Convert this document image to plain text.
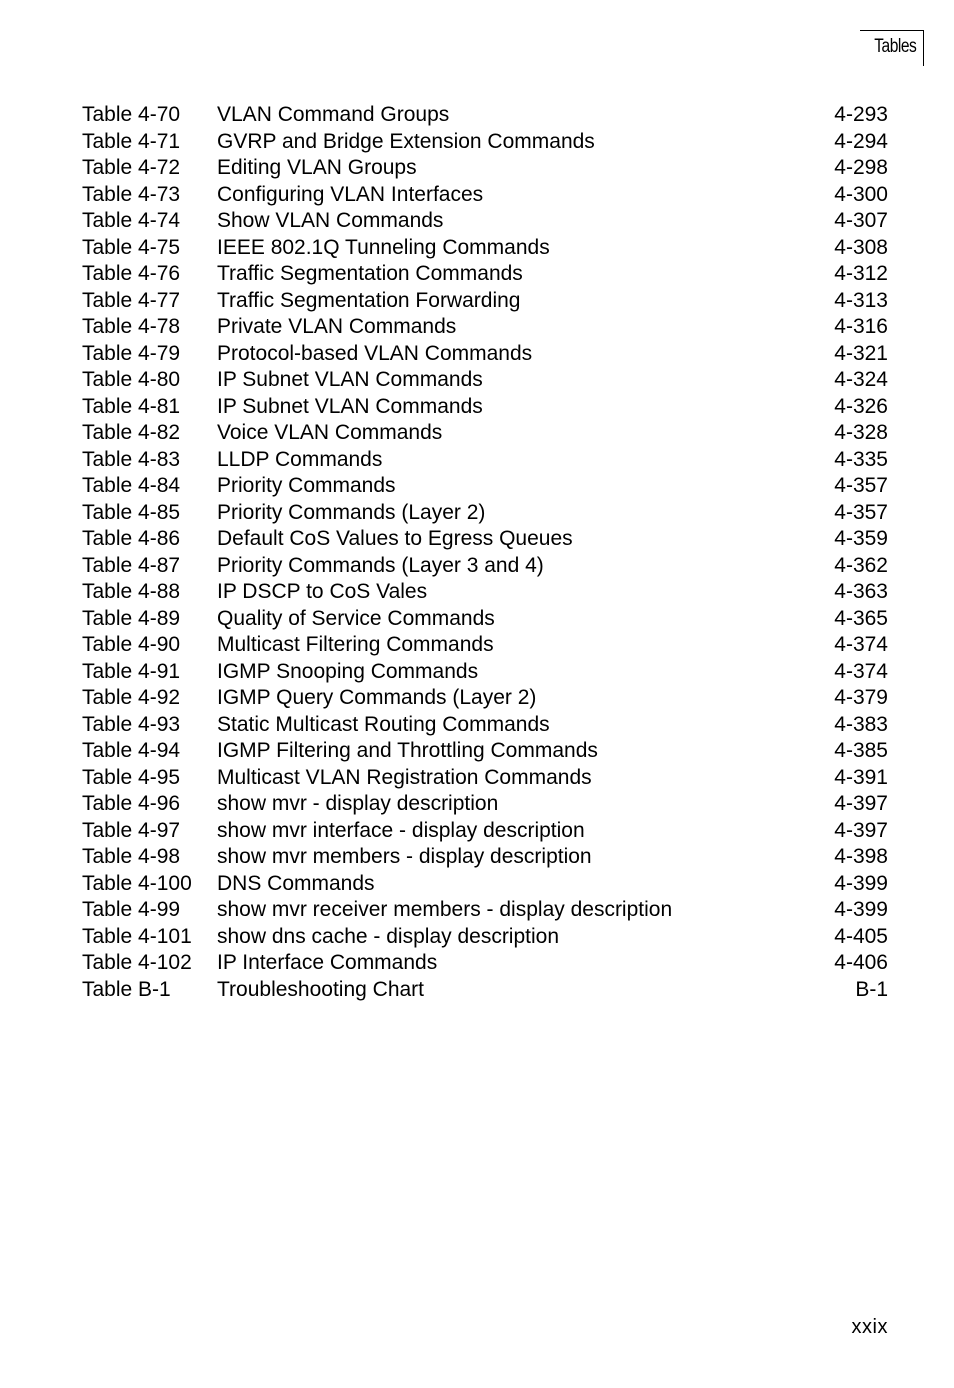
Tables
Table 4-70 VLAN Command Groups	4-293
Table 4-71 GVRP and Bridge Extension Commands	4-294
Table 4-72 Editing VLAN Groups	4-298
Table 4-73 Configuring VLAN Interfaces	4-300
Table 4-74 Show VLAN Commands	4-307
Table 4-75 IEEE 802.1Q Tunneling Commands	4-308
Table 4-76 Traffic Segmentation Commands	4-312
Table 4-77 Traffic Segmentation Forwarding	4-313
Table 4-78 Private VLAN Commands	4-316
Table 4-79 Protocol-based VLAN Commands	4-321
Table 4-80 IP Subnet VLAN Commands	4-324
Table 4-81 IP Subnet VLAN Commands	4-326
Table 4-82 Voice VLAN Commands	4-328
Table 4-83 LLDP Commands	4-335
Table 4-84 Priority Commands	4-357
Table 4-85 Priority Commands (Layer 2)	4-357
Table 4-86 Default CoS Values to Egress Queues	4-359
Table 4-87 Priority Commands (Layer 3 and 4)	4-362
Table 4-88 IP DSCP to CoS Vales	4-363
Table 4-89 Quality of Service Commands	4-365
Table 4-90 Multicast Filtering Commands	4-374
Table 4-91 IGMP Snooping Commands	4-374
Table 4-92 IGMP Query Commands (Layer 2)	4-379
Table 4-93 Static Multicast Routing Commands	4-383
Table 4-94 IGMP Filtering and Throttling Commands	4-385
Table 4-95 Multicast VLAN Registration Commands	4-391
Table 4-96 show mvr - display description	4-397
Table 4-97 show mvr interface - display description	4-397
Table 4-98 show mvr members - display description	4-398
Table 4-100 DNS Commands	4-399
Table 4-99 show mvr receiver members - display description	4-399
Table 4-101 show dns cache - display description	4-405
Table 4-102 IP Interface Commands	4-406
Table B-1 Troubleshooting Chart	B-1
xxix
